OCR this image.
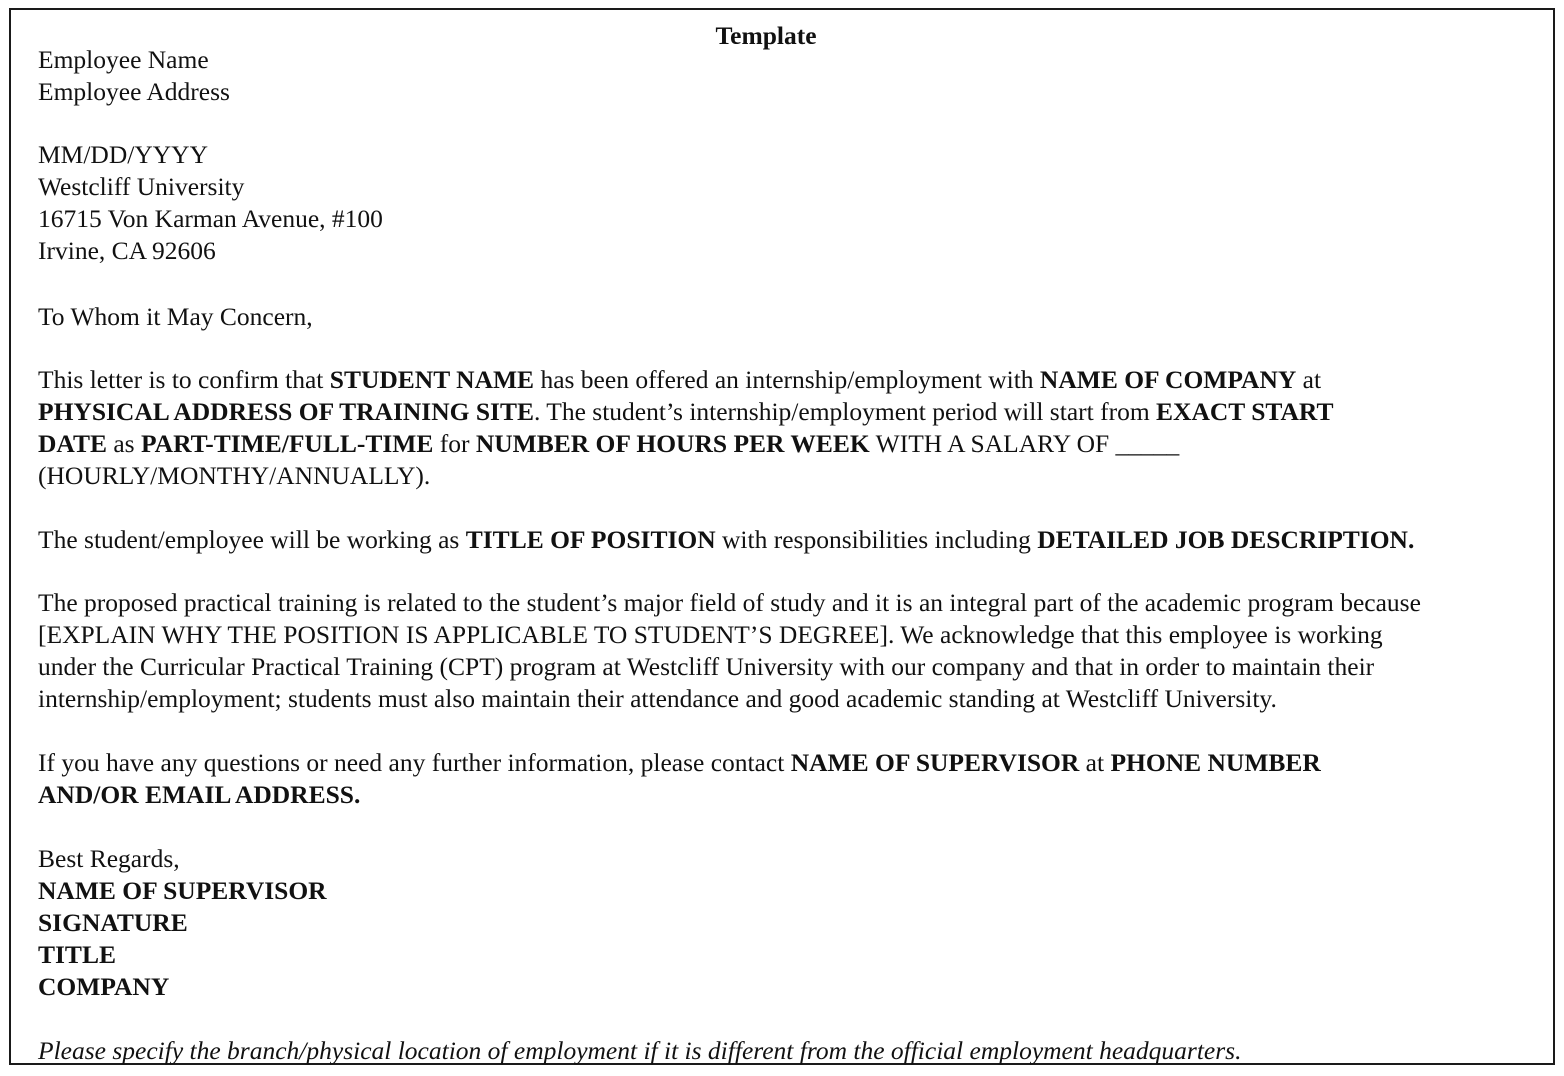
Template
Employee Name
Employee Address
MM/DD/YYYY
Westcliff University
16715 Von Karman Avenue, #100
Irvine, CA 92606
To Whom it May Concern,
This letter is to confirm that STUDENT NAME has been offered an internship/employment with NAME OF COMPANY at
PHYSICAL ADDRESS OF TRAINING SITE. The student’s internship/employment period will start from EXACT START
DATE as PART-TIME/FULL-TIME for NUMBER OF HOURS PER WEEK WITH A SALARY OF _____
(HOURLY/MONTHY/ANNUALLY).
The student/employee will be working as TITLE OF POSITION with responsibilities including DETAILED JOB DESCRIPTION.
The proposed practical training is related to the student’s major field of study and it is an integral part of the academic program because
[EXPLAIN WHY THE POSITION IS APPLICABLE TO STUDENT’S DEGREE]. We acknowledge that this employee is working
under the Curricular Practical Training (CPT) program at Westcliff University with our company and that in order to maintain their
internship/employment; students must also maintain their attendance and good academic standing at Westcliff University.
If you have any questions or need any further information, please contact NAME OF SUPERVISOR at PHONE NUMBER
AND/OR EMAIL ADDRESS.
Best Regards,
NAME OF SUPERVISOR
SIGNATURE
TITLE
COMPANY
Please specify the branch/physical location of employment if it is different from the official employment headquarters.
